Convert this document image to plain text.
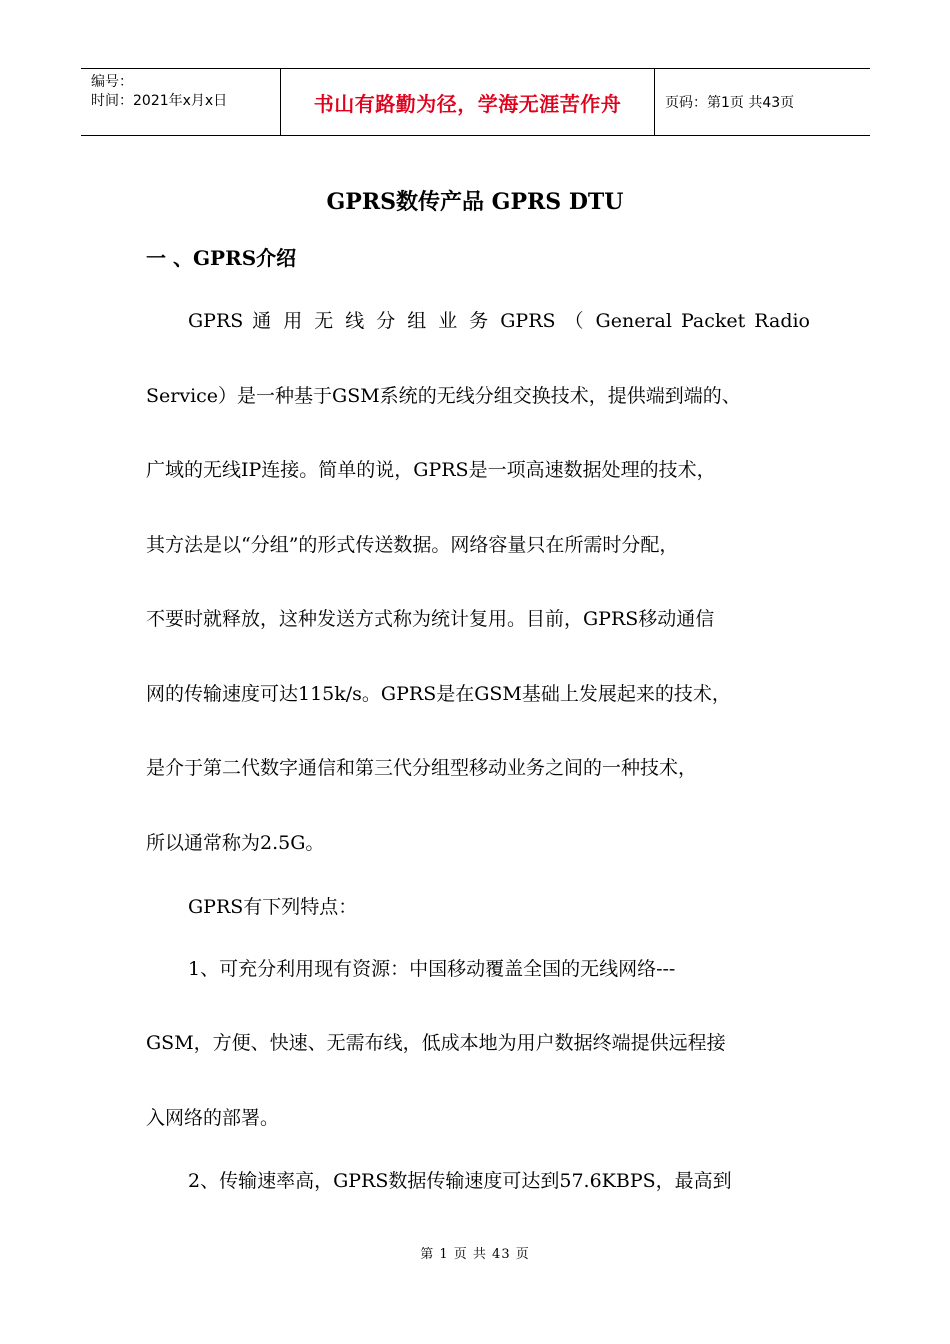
编号：
时间：2021年x月x日	书山有路勤为径，学海无涯苦作舟	页码：第1页 共43页
GPRS数传产品 GPRS DTU
一 、GPRS介绍
GPRS 通 用 无 线 分 组 业 务 GPRS （ General Packet Radio
Service）是一种基于GSM系统的无线分组交换技术，提供端到端的、
广域的无线IP连接。简单的说，GPRS是一项高速数据处理的技术，
其方法是以“分组”的形式传送数据。网络容量只在所需时分配，
不要时就释放，这种发送方式称为统计复用。目前，GPRS移动通信
网的传输速度可达115k/s。GPRS是在GSM基础上发展起来的技术，
是介于第二代数字通信和第三代分组型移动业务之间的一种技术，
所以通常称为2.5G。
GPRS有下列特点：
1、可充分利用现有资源：中国移动覆盖全国的无线网络---
GSM，方便、快速、无需布线，低成本地为用户数据终端提供远程接
入网络的部署。
2、传输速率高，GPRS数据传输速度可达到57.6KBPS，最高到
第 1 页 共 43 页
